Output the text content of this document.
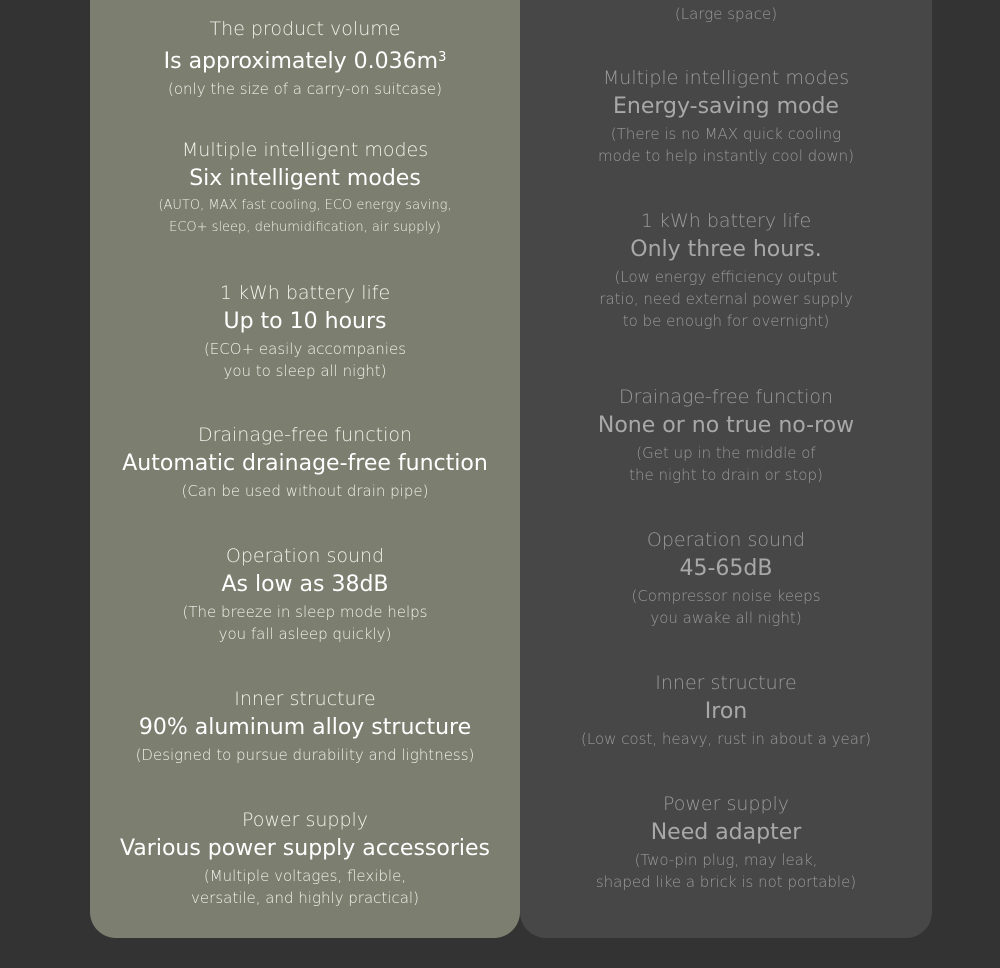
The product volume
Is approximately $0.036m^3$
(only the size of a carry-on suitcase)
Multiple intelligent modes
Six intelligent modes
(AUTO, MAX fast cooling, ECO energy saving,
ECO+ sleep, dehumidification, air supply)
1 kWh battery life
Up to 10 hours
(ECO+ easily accompanies
you to sleep all night)
Drainage-free function
Automatic drainage-free function
(Can be used without drain pipe)
Operation sound
As low as 38dB
(The breeze in sleep mode helps
you fall asleep quickly)
Inner structure
90% aluminum alloy structure
(Designed to pursue durability and lightness)
Power supply
Various power supply accessories
(Multiple voltages, flexible,
versatile, and highly practical)
(Large space)
Multiple intelligent modes
Energy-saving mode
(There is no MAX quick cooling
mode to help instantly cool down)
1 kWh battery life
Only three hours.
(Low energy efficiency output
ratio, need external power supply
to be enough for overnight)
Drainage-free function
None or no true no-row
(Get up in the middle of
the night to drain or stop)
Operation sound
45-65dB
(Compressor noise keeps
you awake all night)
Inner structure
Iron
(Low cost, heavy, rust in about a year)
Power supply
Need adapter
(Two-pin plug, may leak,
shaped like a brick is not portable)
